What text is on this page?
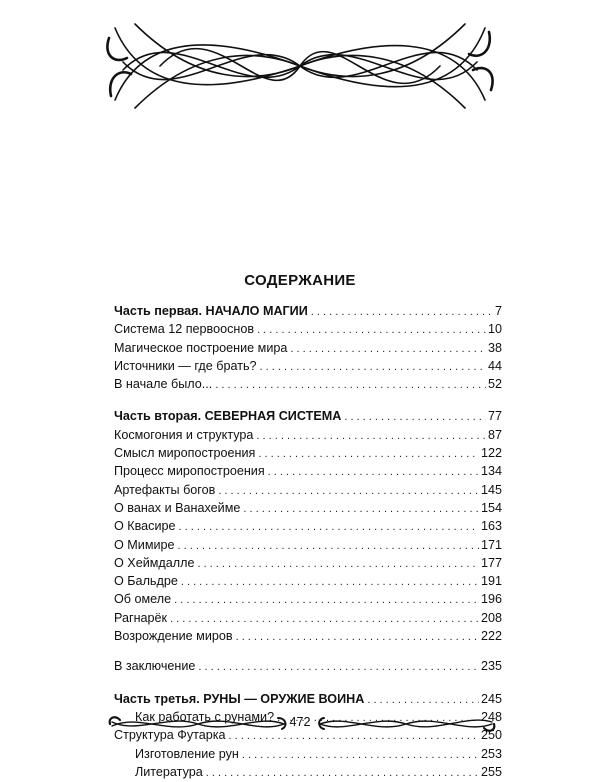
СОДЕРЖАНИЕ
Часть первая. НАЧАЛО МАГИИ . . .	7
Система 12 первооснов . . .	10
Магическое построение мира . . .	38
Источники — где брать? . . .	44
В начале было... . . .	52
Часть вторая. СЕВЕРНАЯ СИСТЕМА . . .	77
Космогония и структура . . .	87
Смысл миропостроения . . .	122
Процесс миропостроения . . .	134
Артефакты богов . . .	145
О ванах и Ванахейме . . .	154
О Квасире . . .	163
О Мимире . . .	171
О Хеймдалле . . .	177
О Бальдре . . .	191
Об омеле . . .	196
Рагнарёк . . .	208
Возрождение миров . . .	222
В заключение . . .	235
Часть третья. РУНЫ — ОРУЖИЕ ВОИНА . . .	245
Как работать с рунами? . . .	248
Структура Футарка . . .	250
Изготовление рун . . .	253
Литература . . .	255
472
